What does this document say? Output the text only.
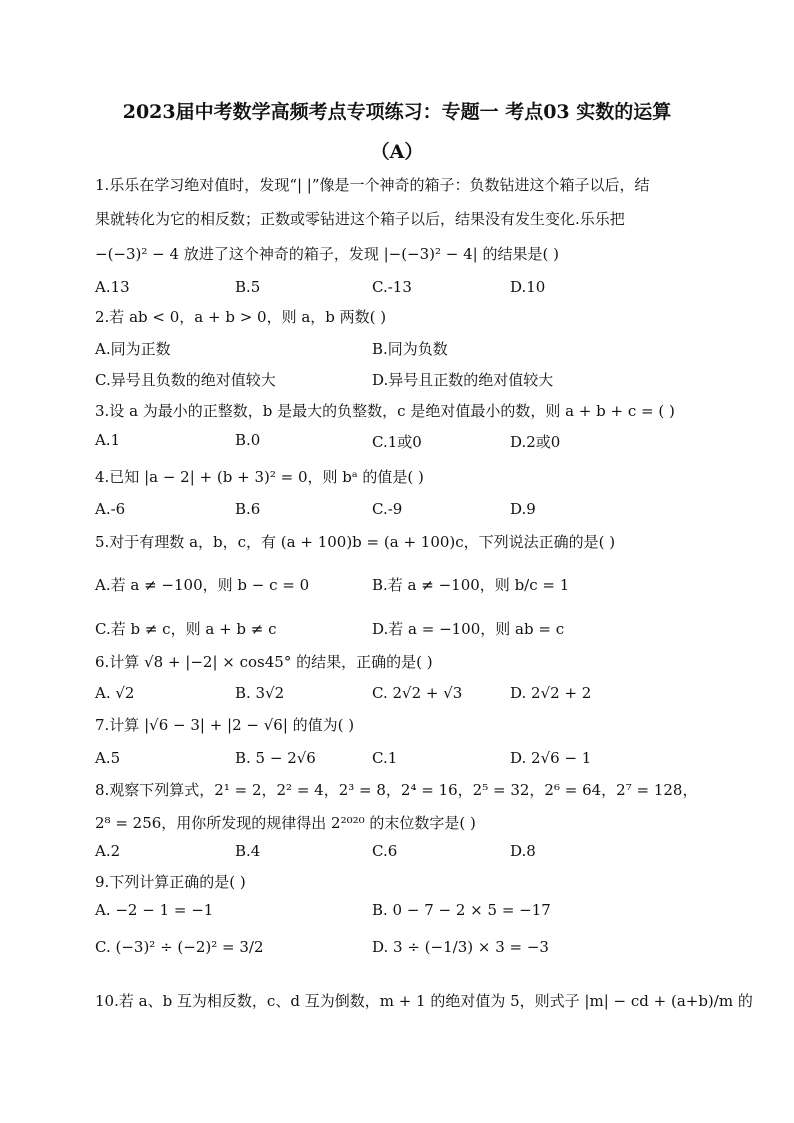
2023届中考数学高频考点专项练习：专题一 考点03 实数的运算
（A）
1.乐乐在学习绝对值时，发现“| |”像是一个神奇的箱子：负数钻进这个箱子以后，结
果就转化为它的相反数；正数或零钻进这个箱子以后，结果没有发生变化.乐乐把
−(−3)² − 4 放进了这个神奇的箱子，发现 |−(−3)² − 4| 的结果是( )
A.13	B.5	C.-13	D.10
2.若 ab < 0，a + b > 0，则 a，b 两数( )
A.同为正数	B.同为负数
C.异号且负数的绝对值较大	D.异号且正数的绝对值较大
3.设 a 为最小的正整数，b 是最大的负整数，c 是绝对值最小的数，则 a + b + c = ( )
A.1	B.0	C.1或0	D.2或0
4.已知 |a − 2| + (b + 3)² = 0，则 bᵃ 的值是( )
A.-6	B.6	C.-9	D.9
5.对于有理数 a，b，c，有 (a + 100)b = (a + 100)c，下列说法正确的是( )
A.若 a ≠ −100，则 b − c = 0	B.若 a ≠ −100，则 b/c = 1
C.若 b ≠ c，则 a + b ≠ c	D.若 a = −100，则 ab = c
6.计算 √8 + |−2| × cos45° 的结果，正确的是( )
A. √2	B. 3√2	C. 2√2 + √3	D. 2√2 + 2
7.计算 |√6 − 3| + |2 − √6| 的值为( )
A.5	B. 5 − 2√6	C.1	D. 2√6 − 1
8.观察下列算式，2¹ = 2，2² = 4，2³ = 8，2⁴ = 16，2⁵ = 32，2⁶ = 64，2⁷ = 128，
2⁸ = 256，用你所发现的规律得出 2²⁰²⁰ 的末位数字是( )
A.2	B.4	C.6	D.8
9.下列计算正确的是( )
A. −2 − 1 = −1	B. 0 − 7 − 2 × 5 = −17
C. (−3)² ÷ (−2)² = 3/2	D. 3 ÷ (−1/3) × 3 = −3
10.若 a、b 互为相反数，c、d 互为倒数，m + 1 的绝对值为 5，则式子 |m| − cd + (a+b)/m 的
